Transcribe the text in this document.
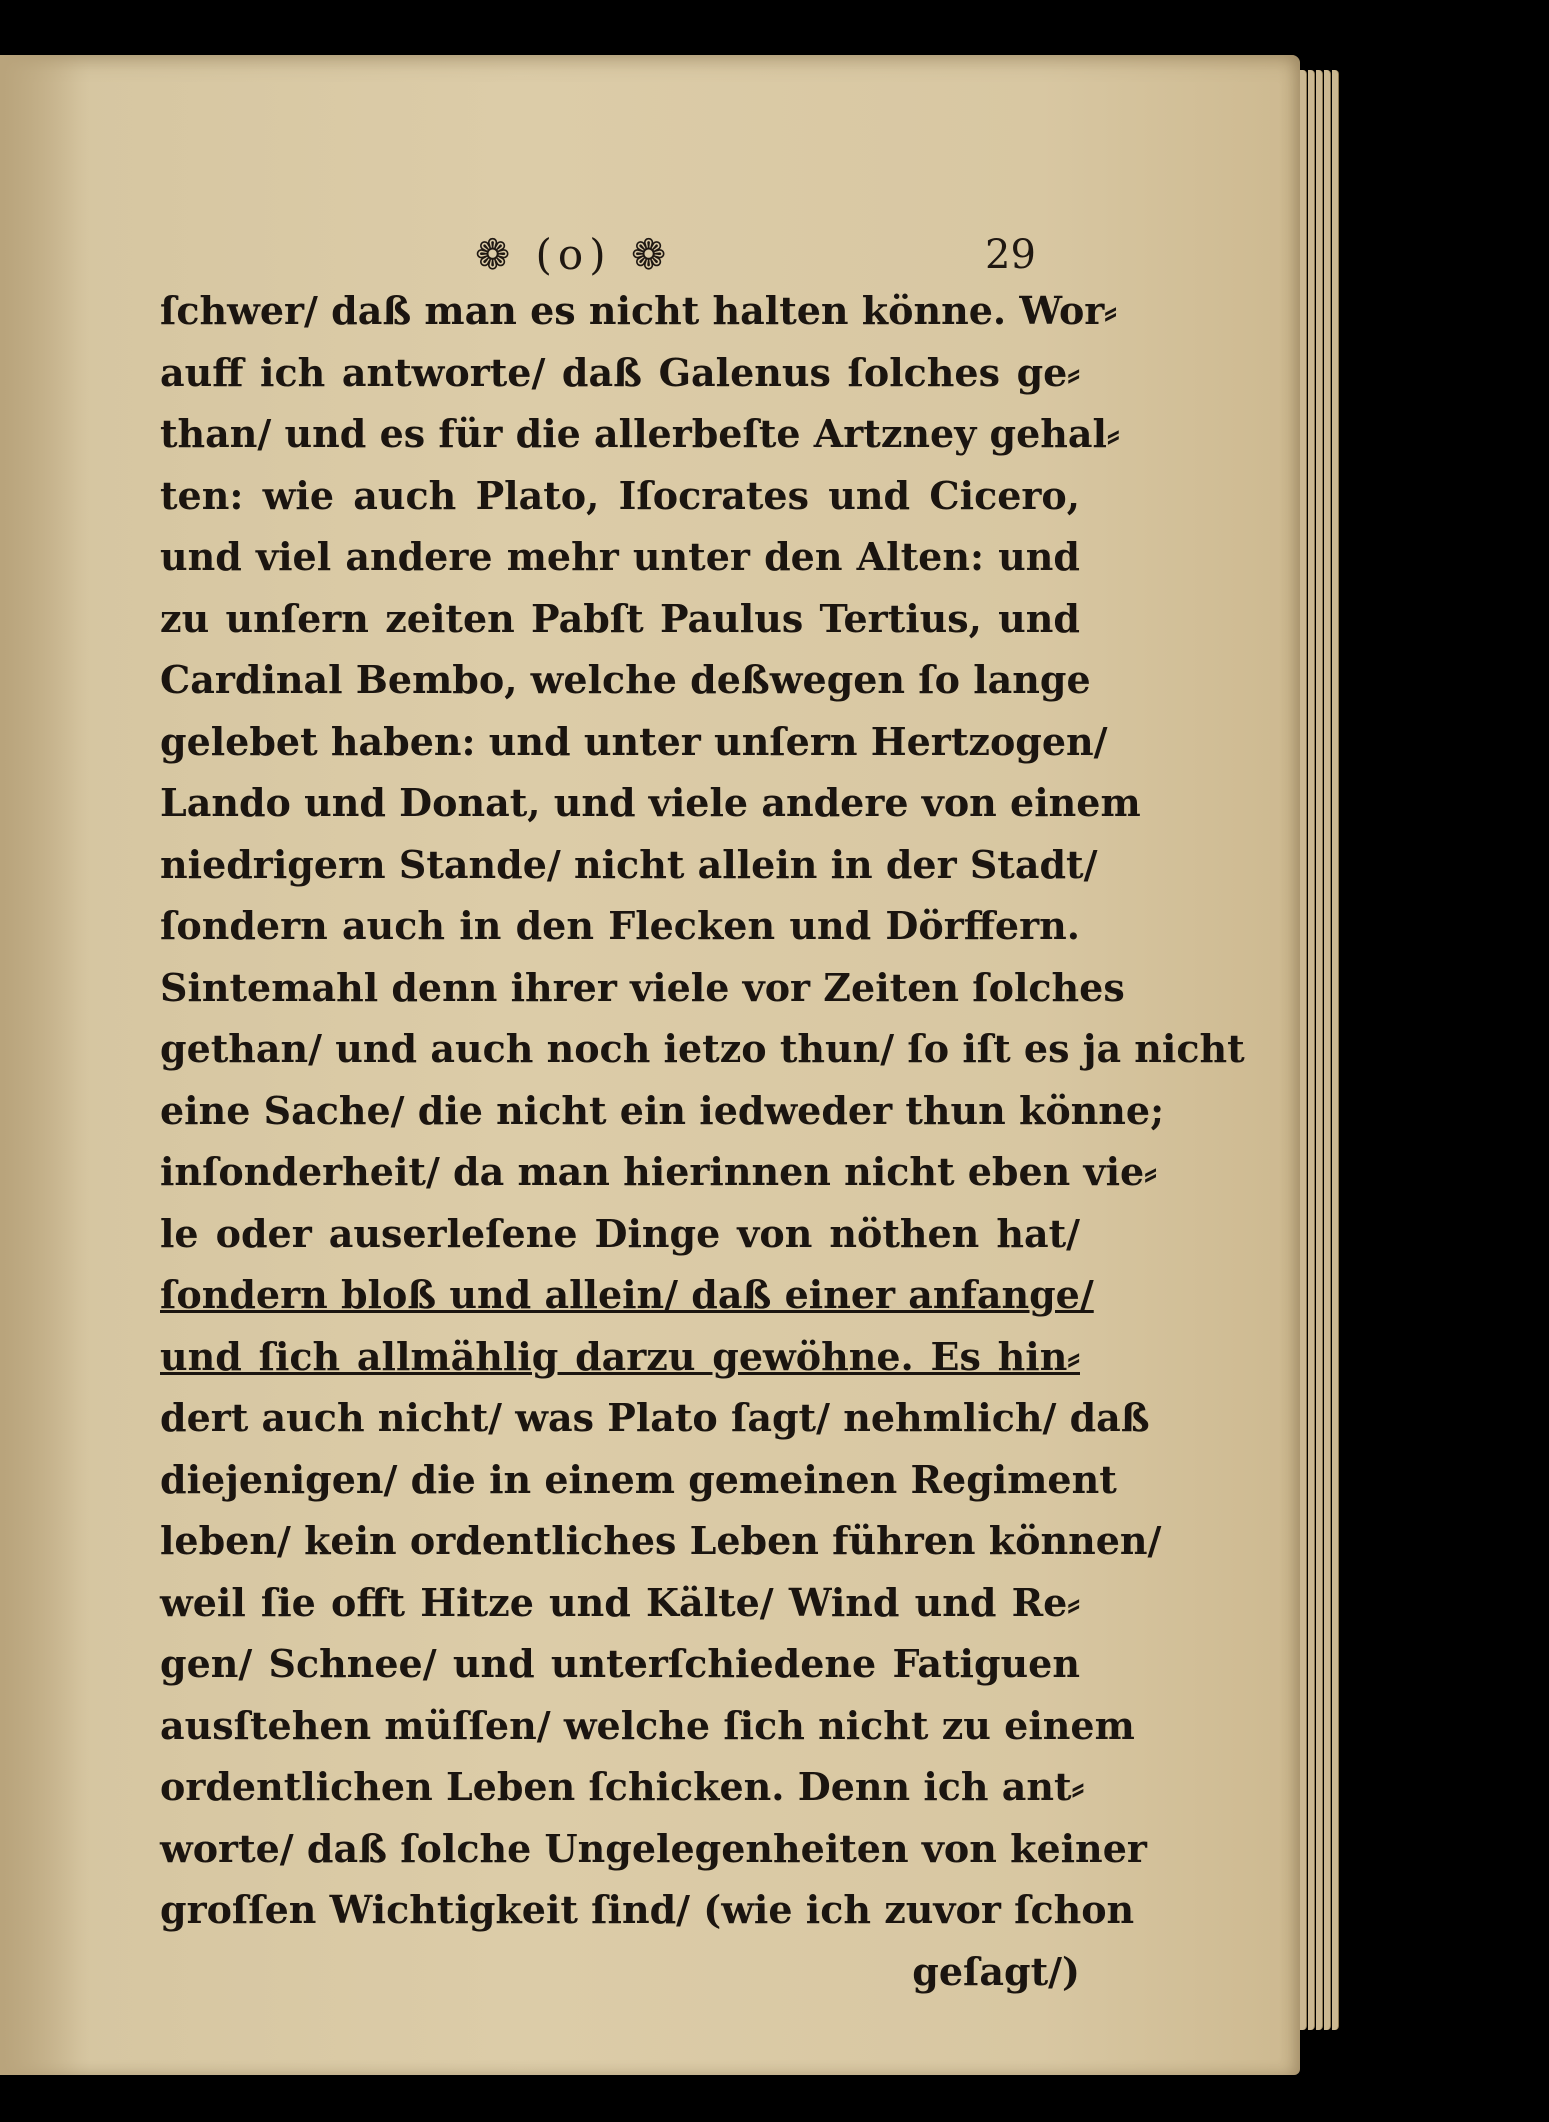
❁ (o) ❁	29
ſchwer/ daß man es nicht halten könne. Wor⸗
auff ich antworte/ daß Galenus ſolches ge⸗
than/ und es für die allerbeſte Artzney gehal⸗
ten: wie auch Plato, Iſocrates und Cicero,
und viel andere mehr unter den Alten: und
zu unſern zeiten Pabſt Paulus Tertius, und
Cardinal Bembo, welche deßwegen ſo lange
gelebet haben: und unter unſern Hertzogen/
Lando und Donat, und viele andere von einem
niedrigern Stande/ nicht allein in der Stadt/
ſondern auch in den Flecken und Dörffern.
Sintemahl denn ihrer viele vor Zeiten ſolches
gethan/ und auch noch ietzo thun/ ſo iſt es ja nicht
eine Sache/ die nicht ein iedweder thun könne;
inſonderheit/ da man hierinnen nicht eben vie⸗
le oder auserleſene Dinge von nöthen hat/
ſondern bloß und allein/ daß einer anfange/
und ſich allmählig darzu gewöhne. Es hin⸗
dert auch nicht/ was Plato ſagt/ nehmlich/ daß
diejenigen/ die in einem gemeinen Regiment
leben/ kein ordentliches Leben führen können/
weil ſie offt Hitze und Kälte/ Wind und Re⸗
gen/ Schnee/ und unterſchiedene Fatiguen
ausſtehen müſſen/ welche ſich nicht zu einem
ordentlichen Leben ſchicken. Denn ich ant⸗
worte/ daß ſolche Ungelegenheiten von keiner
groſſen Wichtigkeit ſind/ (wie ich zuvor ſchon
geſagt/)
